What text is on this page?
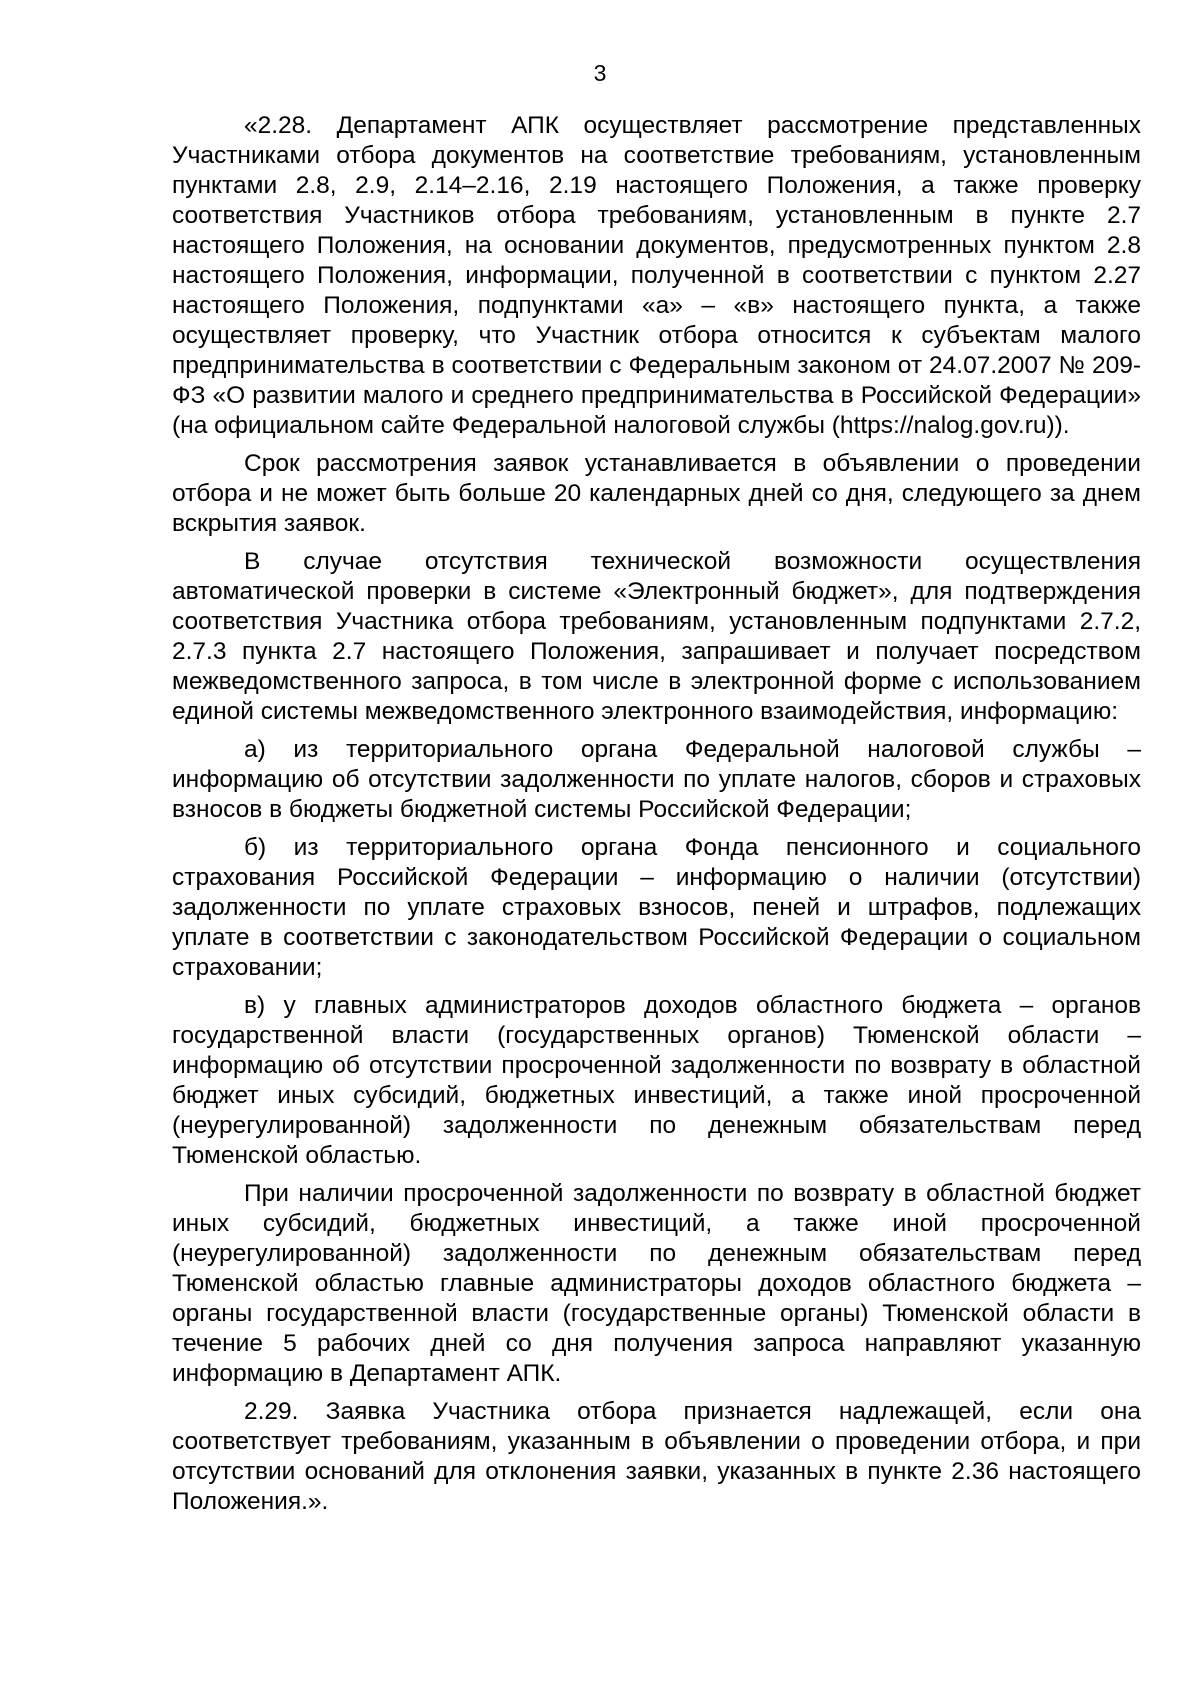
3

«2.28. Департамент АПК осуществляет рассмотрение представленных Участниками отбора документов на соответствие требованиям, установленным пунктами 2.8, 2.9, 2.14–2.16, 2.19 настоящего Положения, а также проверку соответствия Участников отбора требованиям, установленным в пункте 2.7 настоящего Положения, на основании документов, предусмотренных пунктом 2.8 настоящего Положения, информации, полученной в соответствии с пунктом 2.27 настоящего Положения, подпунктами «а» – «в» настоящего пункта, а также осуществляет проверку, что Участник отбора относится к субъектам малого предпринимательства в соответствии с Федеральным законом от 24.07.2007 № 209-ФЗ «О развитии малого и среднего предпринимательства в Российской Федерации» (на официальном сайте Федеральной налоговой службы (https://nalog.gov.ru)).

Срок рассмотрения заявок устанавливается в объявлении о проведении отбора и не может быть больше 20 календарных дней со дня, следующего за днем вскрытия заявок.

В случае отсутствия технической возможности осуществления автоматической проверки в системе «Электронный бюджет», для подтверждения соответствия Участника отбора требованиям, установленным подпунктами 2.7.2, 2.7.3 пункта 2.7 настоящего Положения, запрашивает и получает посредством межведомственного запроса, в том числе в электронной форме с использованием единой системы межведомственного электронного взаимодействия, информацию:

а) из территориального органа Федеральной налоговой службы – информацию об отсутствии задолженности по уплате налогов, сборов и страховых взносов в бюджеты бюджетной системы Российской Федерации;

б) из территориального органа Фонда пенсионного и социального страхования Российской Федерации – информацию о наличии (отсутствии) задолженности по уплате страховых взносов, пеней и штрафов, подлежащих уплате в соответствии с законодательством Российской Федерации о социальном страховании;

в) у главных администраторов доходов областного бюджета – органов государственной власти (государственных органов) Тюменской области – информацию об отсутствии просроченной задолженности по возврату в областной бюджет иных субсидий, бюджетных инвестиций, а также иной просроченной (неурегулированной) задолженности по денежным обязательствам перед Тюменской областью.

При наличии просроченной задолженности по возврату в областной бюджет иных субсидий, бюджетных инвестиций, а также иной просроченной (неурегулированной) задолженности по денежным обязательствам перед Тюменской областью главные администраторы доходов областного бюджета – органы государственной власти (государственные органы) Тюменской области в течение 5 рабочих дней со дня получения запроса направляют указанную информацию в Департамент АПК.

2.29. Заявка Участника отбора признается надлежащей, если она соответствует требованиям, указанным в объявлении о проведении отбора, и при отсутствии оснований для отклонения заявки, указанных в пункте 2.36 настоящего Положения.».
